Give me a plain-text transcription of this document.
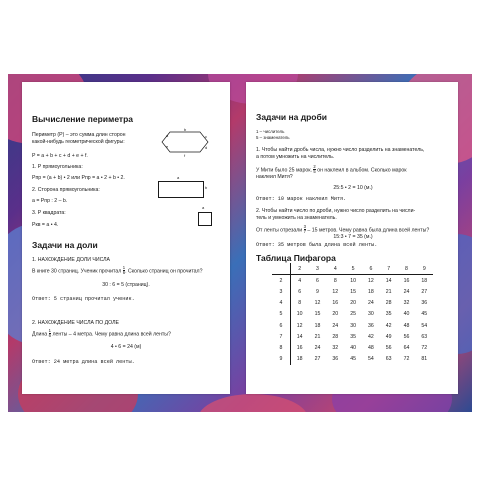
Вычисление периметра
Периметр (P) – это сумма длин сторон
какой-нибудь геометрической фигуры:
b
a	c
d
e
f
P = a + b + c + d + e + f.
1. P прямоугольника:
Pпр = (a + b) • 2 или Pпр = a • 2 + b • 2.	a
b
2. Сторона прямоугольника:
a = Pпр : 2 – b.
3. P квадрата:
Pкв = a • 4.
a
Задачи на доли
1. НАХОЖДЕНИЕ ДОЛИ ЧИСЛА
В книге 30 страниц. Ученик прочитал $\frac{1}{6}$ . Сколько страниц он прочитал?
30 : 6 = 5 (страниц).
Ответ: 5 страниц прочитал ученик.
2. НАХОЖДЕНИЕ ЧИСЛА ПО ДОЛЕ
Длина $\frac{1}{6}$ ленты – 4 метра. Чему равна длина всей ленты?
4 • 6 = 24 (м)
Ответ: 24 метра длина всей ленты.
Задачи на дроби
1 – числитель
5 – знаменатель
1. Чтобы найти дробь числа, нужно число разделить на знаменатель,
а потом умножить на числитель.
У Мити было 25 марок. $\frac{2}{5}$ он наклеил в альбом. Сколько марок
наклеил Митя?
25:5 • 2 = 10 (м.)
Ответ: 10 марок наклеил Митя.
2. Чтобы найти число по дроби, нужно число разделить на числи-
тель и умножить на знаменатель.
От ленты отрезали $\frac{3}{7} - 15$ метров. Чему равна была длина всей ленты?
15:3 • 7 = 35 (м.)
Ответ: 35 метров была длина всей ленты.
Таблица Пифагора
	2	3	4	5	6	7	8	9
2	4	6	8	10	12	14	16	18
3	6	9	12	15	18	21	24	27
4	8	12	16	20	24	28	32	36
5	10	15	20	25	30	35	40	45
6	12	18	24	30	36	42	48	54
7	14	21	28	35	42	49	56	63
8	16	24	32	40	48	56	64	72
9	18	27	36	45	54	63	72	81
